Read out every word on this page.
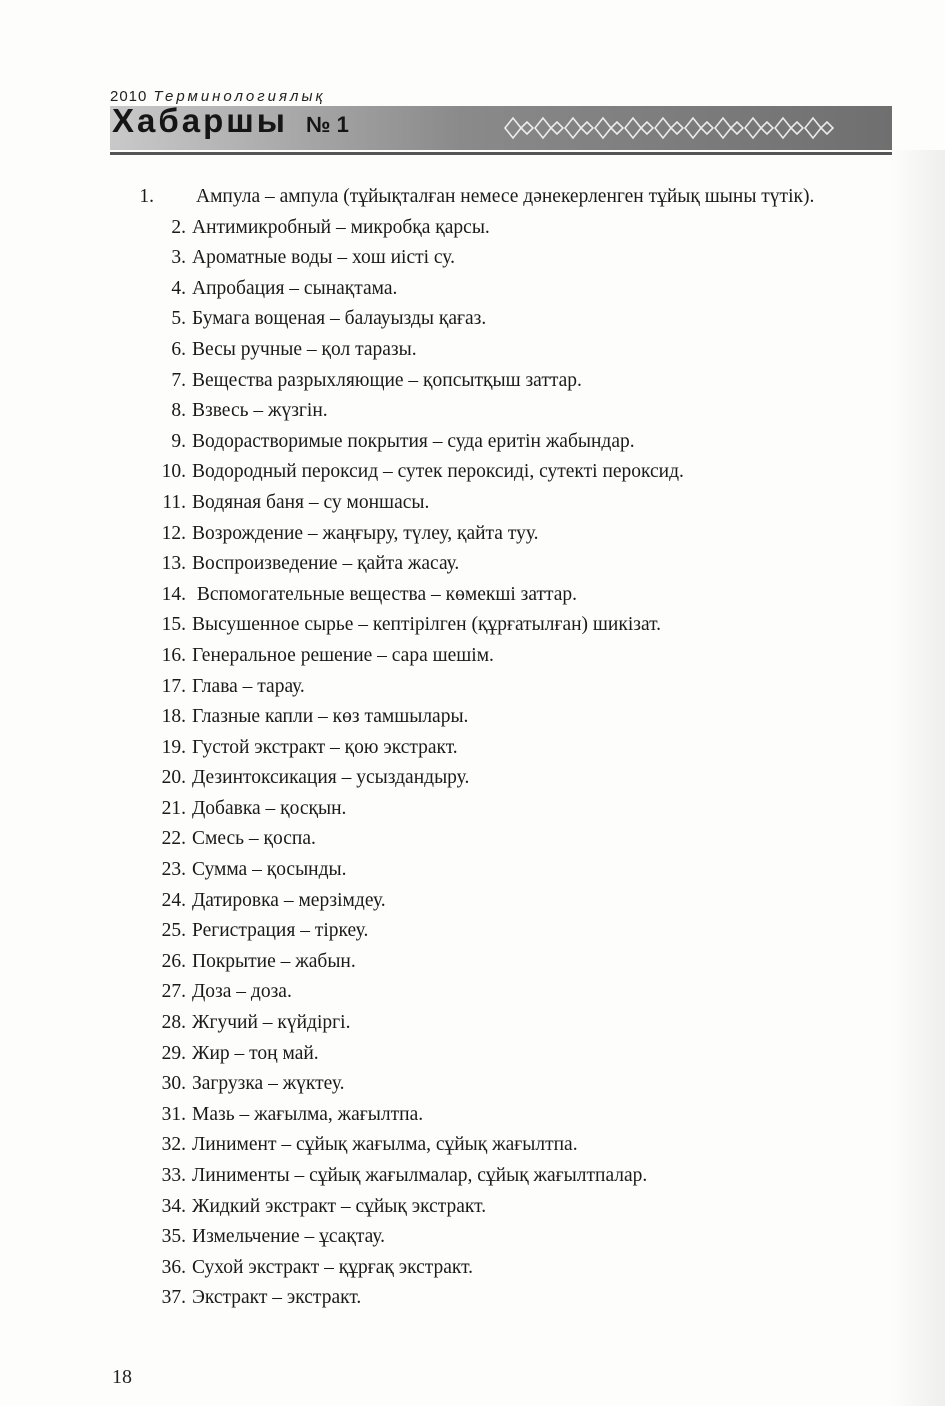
2010 Терминологиялық
Хабаршы № 1
1. Ампула – ампула (тұйықталған немесе дәнекерленген тұйық шыны түтік).
2. Антимикробный – микробқа қарсы.
3. Ароматные воды – хош иісті су.
4. Апробация – сынақтама.
5. Бумага вощеная – балауызды қағаз.
6. Весы ручные – қол таразы.
7. Вещества разрыхляющие – қопсытқыш заттар.
8. Взвесь – жүзгін.
9. Водорастворимые покрытия – суда еритін жабындар.
10. Водородный пероксид – сутек пероксиді, сутекті пероксид.
11. Водяная баня – су моншасы.
12. Возрождение – жаңғыру, түлеу, қайта туу.
13. Воспроизведение – қайта жасау.
14. Вспомогательные вещества – көмекші заттар.
15. Высушенное сырье – кептірілген (құрғатылған) шикізат.
16. Генеральное решение – сара шешім.
17. Глава – тарау.
18. Глазные капли – көз тамшылары.
19. Густой экстракт – қою экстракт.
20. Дезинтоксикация – усыздандыру.
21. Добавка – қосқын.
22. Смесь – қоспа.
23. Сумма – қосынды.
24. Датировка – мерзімдеу.
25. Регистрация – тіркеу.
26. Покрытие – жабын.
27. Доза – доза.
28. Жгучий – күйдіргі.
29. Жир – тоң май.
30. Загрузка – жүктеу.
31. Мазь – жағылма, жағылтпа.
32. Линимент – сұйық жағылма, сұйық жағылтпа.
33. Линименты – сұйық жағылмалар, сұйық жағылтпалар.
34. Жидкий экстракт – сұйық экстракт.
35. Измельчение – ұсақтау.
36. Сухой экстракт – құрғақ экстракт.
37. Экстракт – экстракт.
18
